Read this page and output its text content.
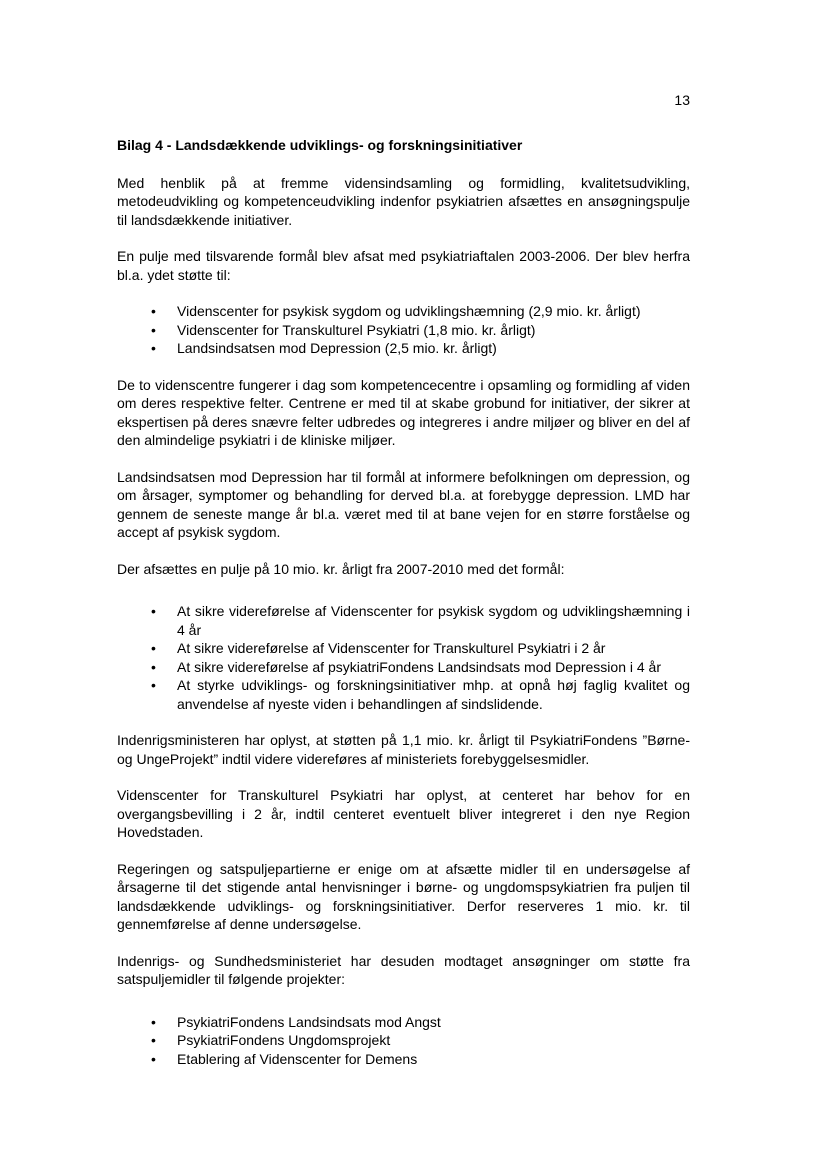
13
Bilag 4 - Landsdækkende udviklings- og forskningsinitiativer

Med henblik på at fremme vidensindsamling og formidling, kvalitetsudvikling, metodeudvikling og kompetenceudvikling indenfor psykiatrien afsættes en ansøgningspulje til landsdækkende initiativer.

En pulje med tilsvarende formål blev afsat med psykiatriaftalen 2003-2006. Der blev herfra bl.a. ydet støtte til:

• Videnscenter for psykisk sygdom og udviklingshæmning (2,9 mio. kr. årligt)
• Videnscenter for Transkulturel Psykiatri (1,8 mio. kr. årligt)
• Landsindsatsen mod Depression (2,5 mio. kr. årligt)

De to videnscentre fungerer i dag som kompetencecentre i opsamling og formidling af viden om deres respektive felter. Centrene er med til at skabe grobund for initiativer, der sikrer at ekspertisen på deres snævre felter udbredes og integreres i andre miljøer og bliver en del af den almindelige psykiatri i de kliniske miljøer.

Landsindsatsen mod Depression har til formål at informere befolkningen om depression, og om årsager, symptomer og behandling for derved bl.a. at forebygge depression. LMD har gennem de seneste mange år bl.a. været med til at bane vejen for en større forståelse og accept af psykisk sygdom.

Der afsættes en pulje på 10 mio. kr. årligt fra 2007-2010 med det formål:

• At sikre videreførelse af Videnscenter for psykisk sygdom og udviklingshæmning i 4 år
• At sikre videreførelse af Videnscenter for Transkulturel Psykiatri i 2 år
• At sikre videreførelse af psykiatriFondens Landsindsats mod Depression i 4 år
• At styrke udviklings- og forskningsinitiativer mhp. at opnå høj faglig kvalitet og anvendelse af nyeste viden i behandlingen af sindslidende.

Indenrigsministeren har oplyst, at støtten på 1,1 mio. kr. årligt til PsykiatriFondens ”Børne- og UngeProjekt” indtil videre videreføres af ministeriets forebyggelsesmidler.

Videnscenter for Transkulturel Psykiatri har oplyst, at centeret har behov for en overgangsbevilling i 2 år, indtil centeret eventuelt bliver integreret i den nye Region Hovedstaden.

Regeringen og satspuljepartierne er enige om at afsætte midler til en undersøgelse af årsagerne til det stigende antal henvisninger i børne- og ungdomspsykiatrien fra puljen til landsdækkende udviklings- og forskningsinitiativer. Derfor reserveres 1 mio. kr. til gennemførelse af denne undersøgelse.

Indenrigs- og Sundhedsministeriet har desuden modtaget ansøgninger om støtte fra satspuljemidler til følgende projekter:

• PsykiatriFondens Landsindsats mod Angst
• PsykiatriFondens Ungdomsprojekt
• Etablering af Videnscenter for Demens
